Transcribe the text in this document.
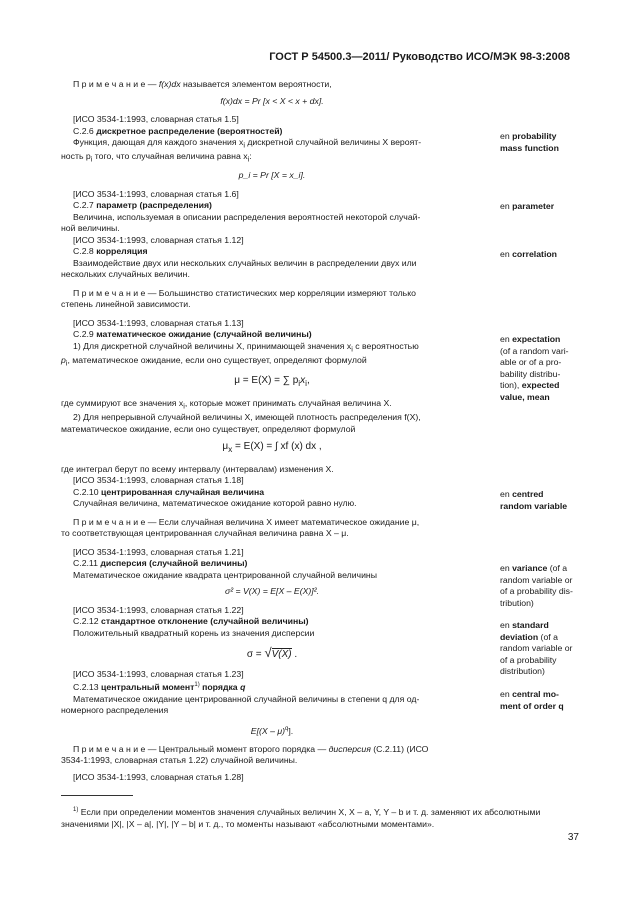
ГОСТ Р 54500.3—2011/ Руководство ИСО/МЭК 98-3:2008

П р и м е ч а н и е — f(x)dx называется элементом вероятности,

f(x)dx = Pr [x < X < x + dx].

[ИСО 3534-1:1993, словарная статья 1.5]

С.2.6 дискретное распределение (вероятностей)

Функция, дающая для каждого значения $x_i$ дискретной случайной величины X вероят-

ность $p_i$ того, что случайная величина равна $x_i$:

p_i = Pr [X = x_i].

[ИСО 3534-1:1993, словарная статья 1.6]

С.2.7 параметр (распределения)

Величина, используемая в описании распределения вероятностей некоторой случай-

ной величины.

[ИСО 3534-1:1993, словарная статья 1.12]

С.2.8 корреляция

Взаимодействие двух или нескольких случайных величин в распределении двух или

нескольких случайных величин.

П р и м е ч а н и е — Большинство статистических мер корреляции измеряют только

степень линейной зависимости.

[ИСО 3534-1:1993, словарная статья 1.13]

С.2.9 математическое ожидание (случайной величины)

1) Для дискретной случайной величины X, принимающей значения $x_i$ с вероятностью

$p_i$, математическое ожидание, если оно существует, определяют формулой

μ = E(X) = ∑ $p_ix_i$,

где суммируют все значения $x_i$, которые может принимать случайная величина X.

2) Для непрерывной случайной величины X, имеющей плотность распределения f(X),

математическое ожидание, если оно существует, определяют формулой

$\mu_x = E(X)$ = ∫ xf (x) dx ,

где интеграл берут по всему интервалу (интервалам) изменения X.

[ИСО 3534-1:1993, словарная статья 1.18]

С.2.10 центрированная случайная величина

Случайная величина, математическое ожидание которой равно нулю.

П р и м е ч а н и е — Если случайная величина X имеет математическое ожидание μ,

то соответствующая центрированная случайная величина равна X – μ.

[ИСО 3534-1:1993, словарная статья 1.21]

С.2.11 дисперсия (случайной величины)

Математическое ожидание квадрата центрированной случайной величины

σ² = V(X) = E[X – E(X)]².

[ИСО 3534-1:1993, словарная статья 1.22]

С.2.12 стандартное отклонение (случайной величины)

Положительный квадратный корень из значения дисперсии

σ = √V(X) .

[ИСО 3534-1:1993, словарная статья 1.23]

С.2.13 центральный момент$^{1)}$ порядка q

Математическое ожидание центрированной случайной величины в степени q для од-

номерного распределения

E[(X – μ)$^q$].

П р и м е ч а н и е — Центральный момент второго порядка — дисперсия (С.2.11) (ИСО

3534-1:1993, словарная статья 1.22) случайной величины.

[ИСО 3534-1:1993, словарная статья 1.28]

en probability mass function
en parameter
en correlation
en expectation
(of a random vari-able or of a pro-bability distribu-tion), expected value, mean
en centred random variable
en variance (of a random variable or of a probability dis-tribution)
en standard deviation (of a random variable or of a probability distribution)
en central mo-ment of order q
$^{1)}$ Если при определении моментов значения случайных величин X, X – a, Y, Y – b и т. д. заменяют их абсолютными значениями |X|, |X – a|, |Y|, |Y – b| и т. д., то моменты называют «абсолютными моментами».
37
